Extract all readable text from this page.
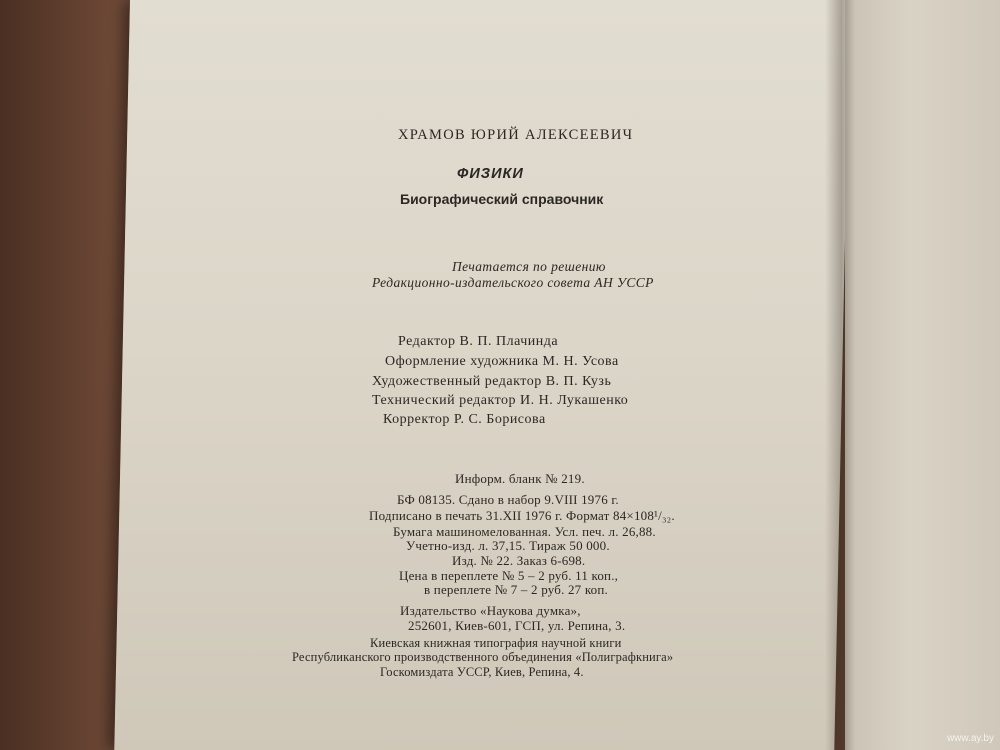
ХРАМОВ ЮРИЙ АЛЕКСЕЕВИЧ
ФИЗИКИ
Биографический справочник
Печатается по решению
Редакционно-издательского совета АН УССР
Редактор В. П. Плачинда
Оформление художника М. Н. Усова
Художественный редактор В. П. Кузь
Технический редактор И. Н. Лукашенко
Корректор Р. С. Борисова
Информ. бланк № 219.
БФ 08135. Сдано в набор 9.VIII 1976 г.
Подписано в печать 31.XII 1976 г. Формат 84×108¹/₃₂.
Бумага машиномелованная. Усл. печ. л. 26,88.
Учетно-изд. л. 37,15. Тираж 50 000.
Изд. № 22. Заказ 6-698.
Цена в переплете № 5 – 2 руб. 11 коп.,
в переплете № 7 – 2 руб. 27 коп.
Издательство «Наукова думка»,
252601, Киев-601, ГСП, ул. Репина, 3.
Киевская книжная типография научной книги
Республиканского производственного объединения «Полиграфкнига»
Госкомиздата УССР, Киев, Репина, 4.
www.ay.by
